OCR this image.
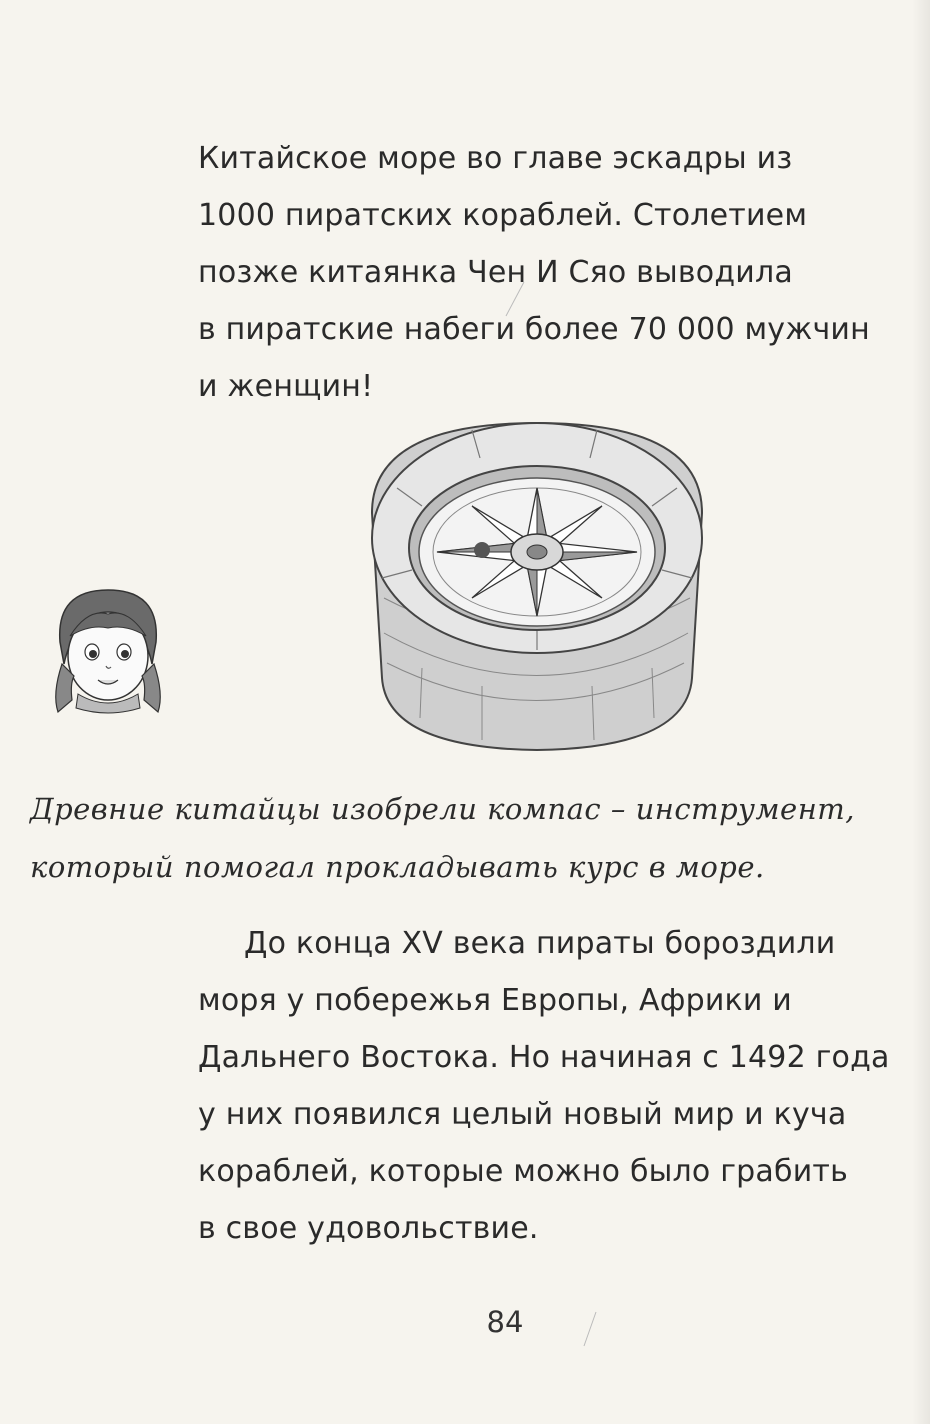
Китайское море во главе эскадры из
1000 пиратских кораблей. Столетием
позже китаянка Чен И Сяо выводила
в пиратские набеги более 70 000 мужчин
и женщин!
Древние китайцы изобрели компас – инструмент,
который помогал прокладывать курс в море.
До конца XV века пираты бороздили
моря у побережья Европы, Африки и
Дальнего Востока. Но начиная с 1492 года
у них появился целый новый мир и куча
кораблей, которые можно было грабить
в свое удовольствие.
84
